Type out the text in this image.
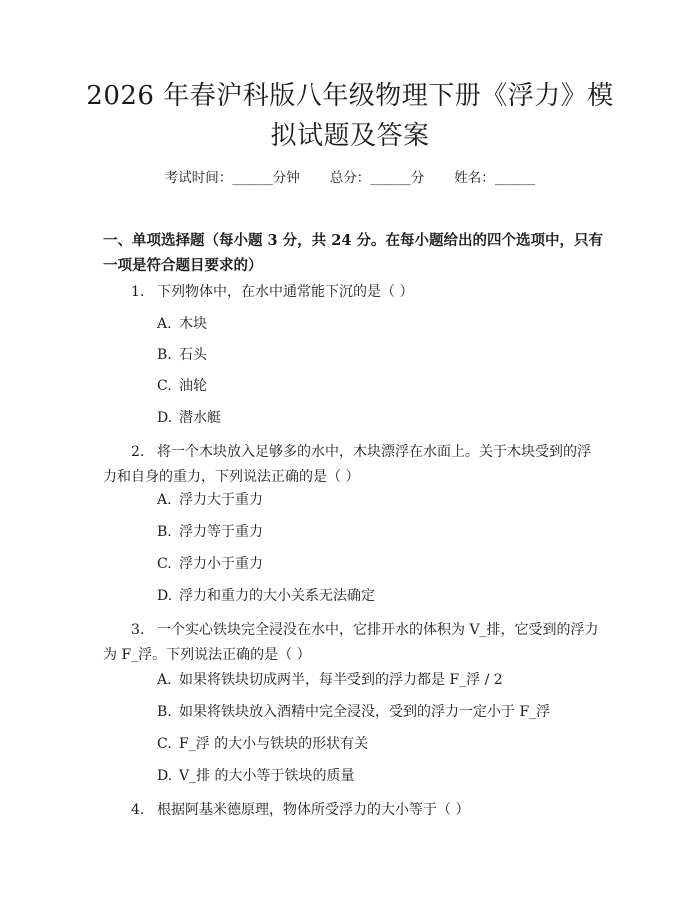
2026 年春沪科版八年级物理下册《浮力》模
拟试题及答案
考试时间：______分钟 总分：______分 姓名：______
一、单项选择题（每小题 3 分，共 24 分。在每小题给出的四个选项中，只有一项是符合题目要求的）
1. 下列物体中，在水中通常能下沉的是（ ）
A. 木块
B. 石头
C. 油轮
D. 潜水艇
2. 将一个木块放入足够多的水中，木块漂浮在水面上。关于木块受到的浮力和自身的重力，下列说法正确的是（ ）
A. 浮力大于重力
B. 浮力等于重力
C. 浮力小于重力
D. 浮力和重力的大小关系无法确定
3. 一个实心铁块完全浸没在水中，它排开水的体积为 V_排，它受到的浮力为 F_浮。下列说法正确的是（ ）
A. 如果将铁块切成两半，每半受到的浮力都是 F_浮 / 2
B. 如果将铁块放入酒精中完全浸没，受到的浮力一定小于 F_浮
C. F_浮 的大小与铁块的形状有关
D. V_排 的大小等于铁块的质量
4. 根据阿基米德原理，物体所受浮力的大小等于（ ）
